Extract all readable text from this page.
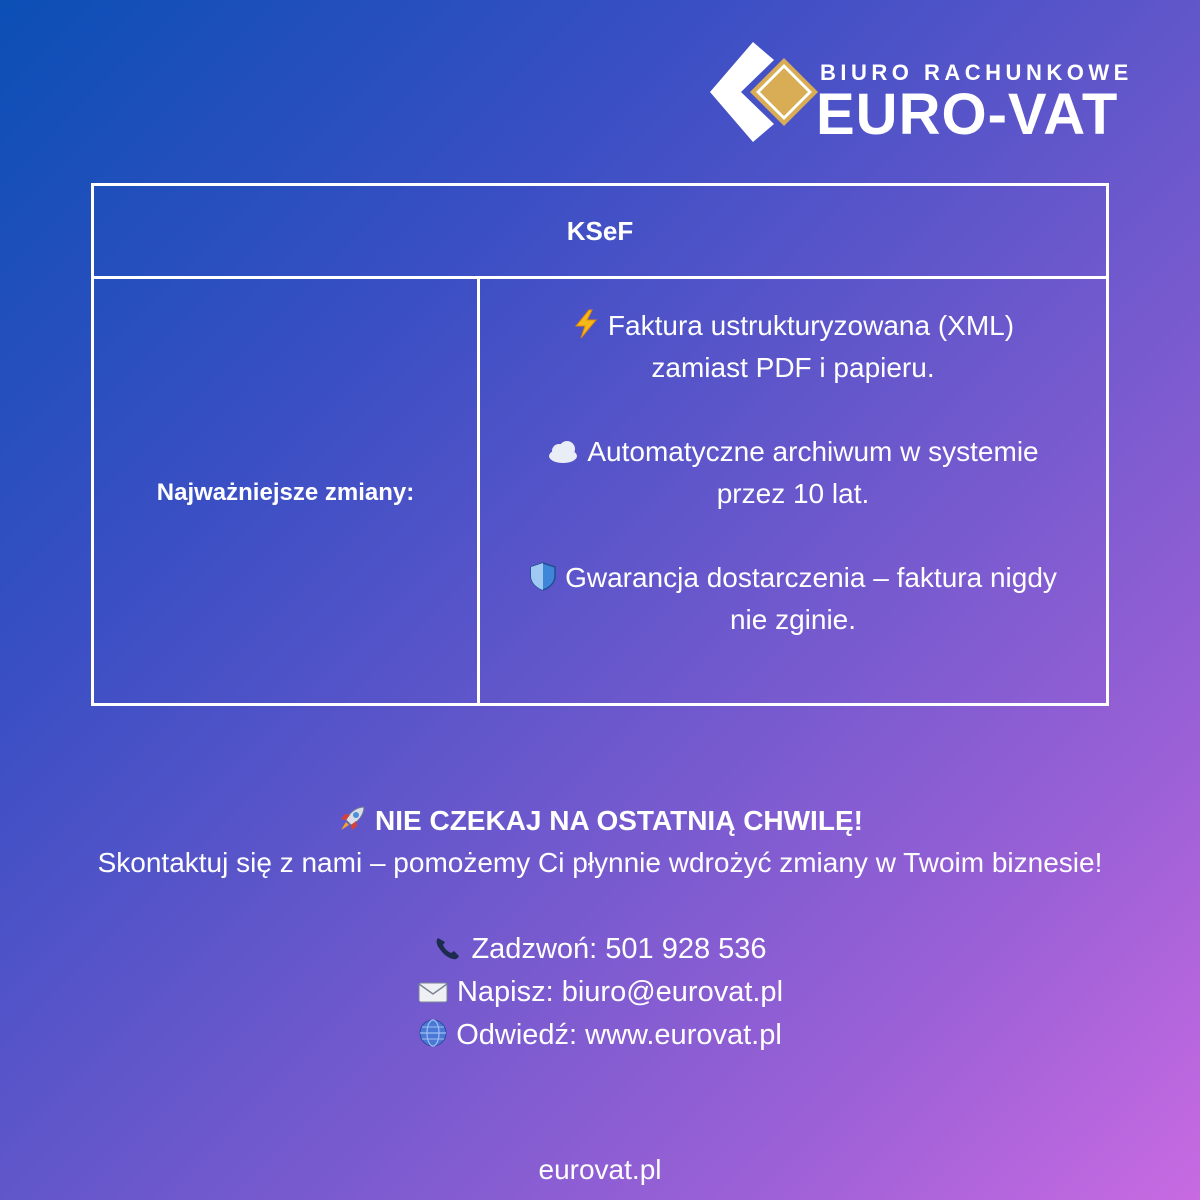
BIURO RACHUNKOWE
EURO-VAT
KSeF
Najważniejsze zmiany:
Faktura ustrukturyzowana (XML)
zamiast PDF i papieru.
Automatyczne archiwum w systemie
przez 10 lat.
Gwarancja dostarczenia – faktura nigdy
nie zginie.
NIE CZEKAJ NA OSTATNIĄ CHWILĘ!
Skontaktuj się z nami – pomożemy Ci płynnie wdrożyć zmiany w Twoim biznesie!
Zadzwoń: 501 928 536
Napisz: biuro@eurovat.pl
Odwiedź: www.eurovat.pl
eurovat.pl
